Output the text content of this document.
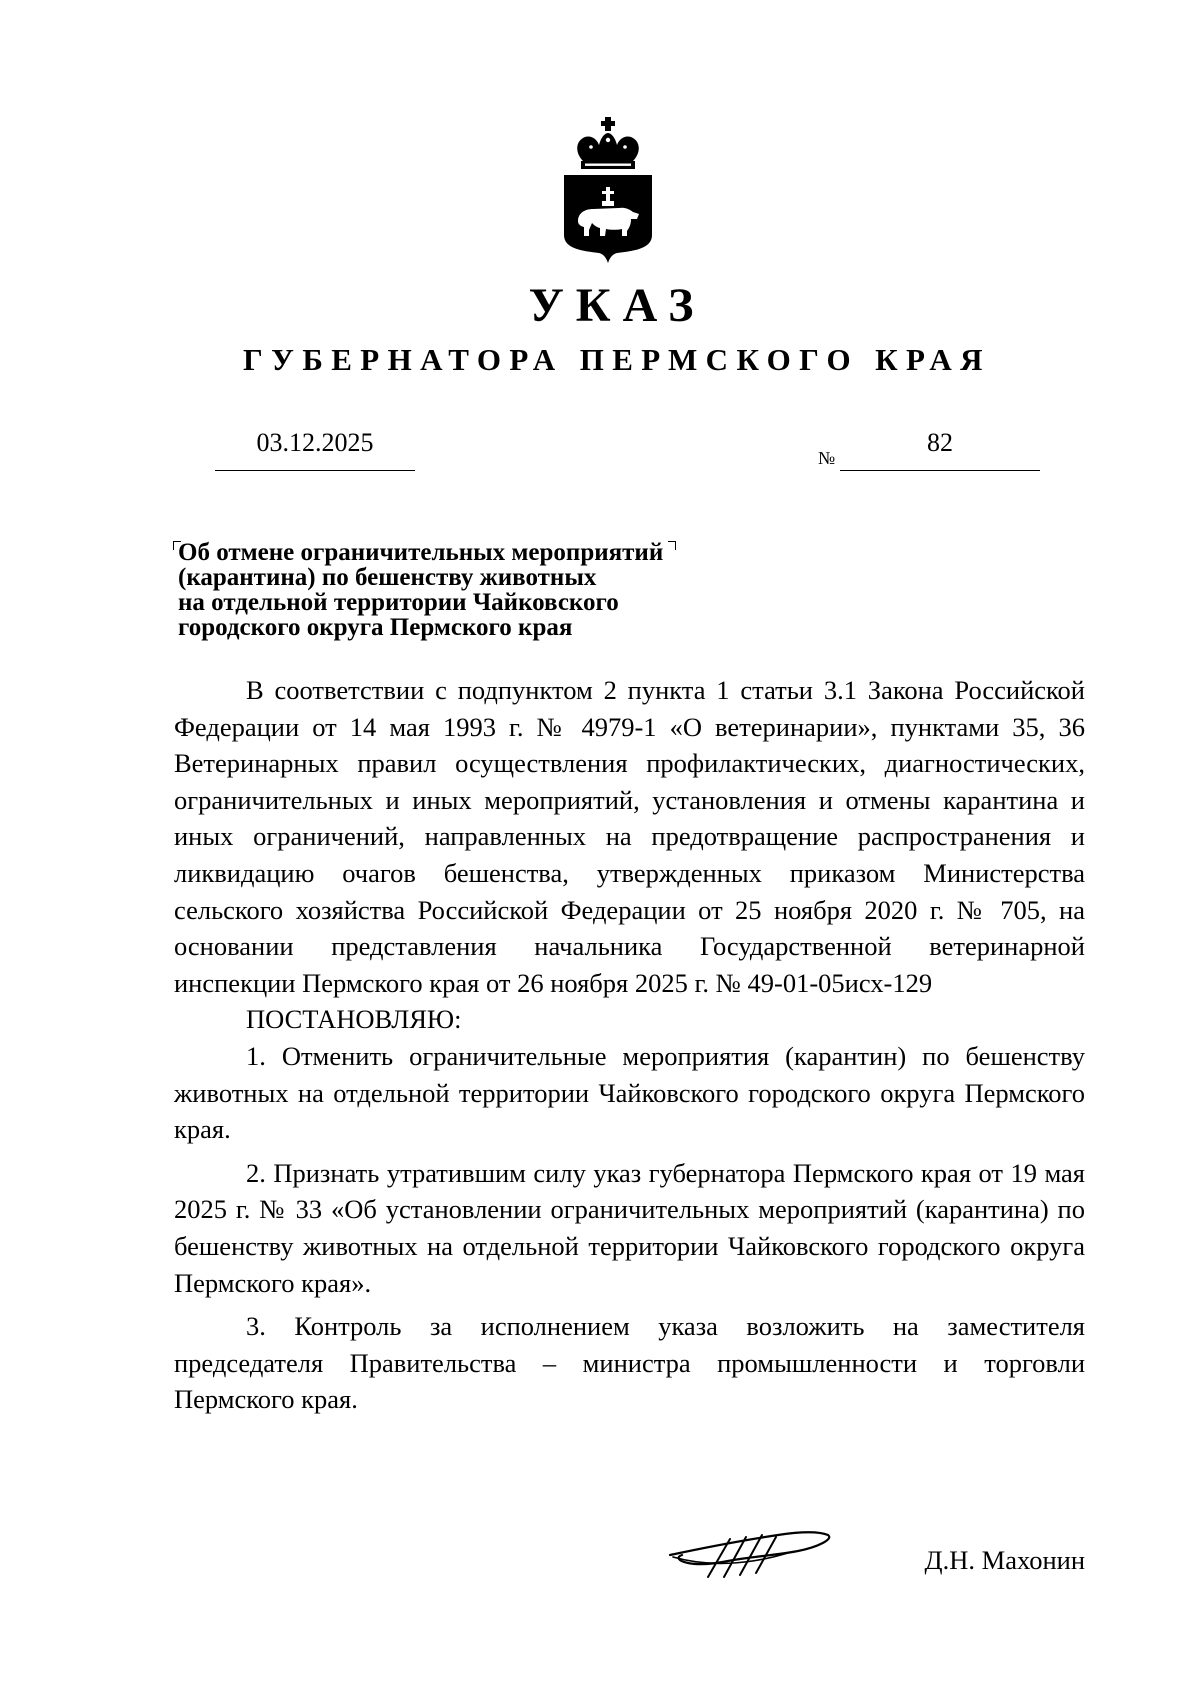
УКАЗ
ГУБЕРНАТОРА ПЕРМСКОГО КРАЯ
03.12.2025
№
82
Об отмене ограничительных мероприятий
(карантина) по бешенству животных
на отдельной территории Чайковского
городского округа Пермского края

В соответствии с подпунктом 2 пункта 1 статьи 3.1 Закона Российской Федерации от 14 мая 1993 г. № 4979-1 «О ветеринарии», пунктами 35, 36 Ветеринарных правил осуществления профилактических, диагностических, ограничительных и иных мероприятий, установления и отмены карантина и иных ограничений, направленных на предотвращение распространения и ликвидацию очагов бешенства, утвержденных приказом Министерства сельского хозяйства Российской Федерации от 25 ноября 2020 г. № 705, на основании представления начальника Государственной ветеринарной инспекции Пермского края от 26 ноября 2025 г. № 49-01-05исх-129

ПОСТАНОВЛЯЮ:

1. Отменить ограничительные мероприятия (карантин) по бешенству животных на отдельной территории Чайковского городского округа Пермского края.

2. Признать утратившим силу указ губернатора Пермского края от 19 мая 2025 г. № 33 «Об установлении ограничительных мероприятий (карантина) по бешенству животных на отдельной территории Чайковского городского округа Пермского края».

3. Контроль за исполнением указа возложить на заместителя председателя Правительства – министра промышленности и торговли Пермского края.

Д.Н. Махонин
